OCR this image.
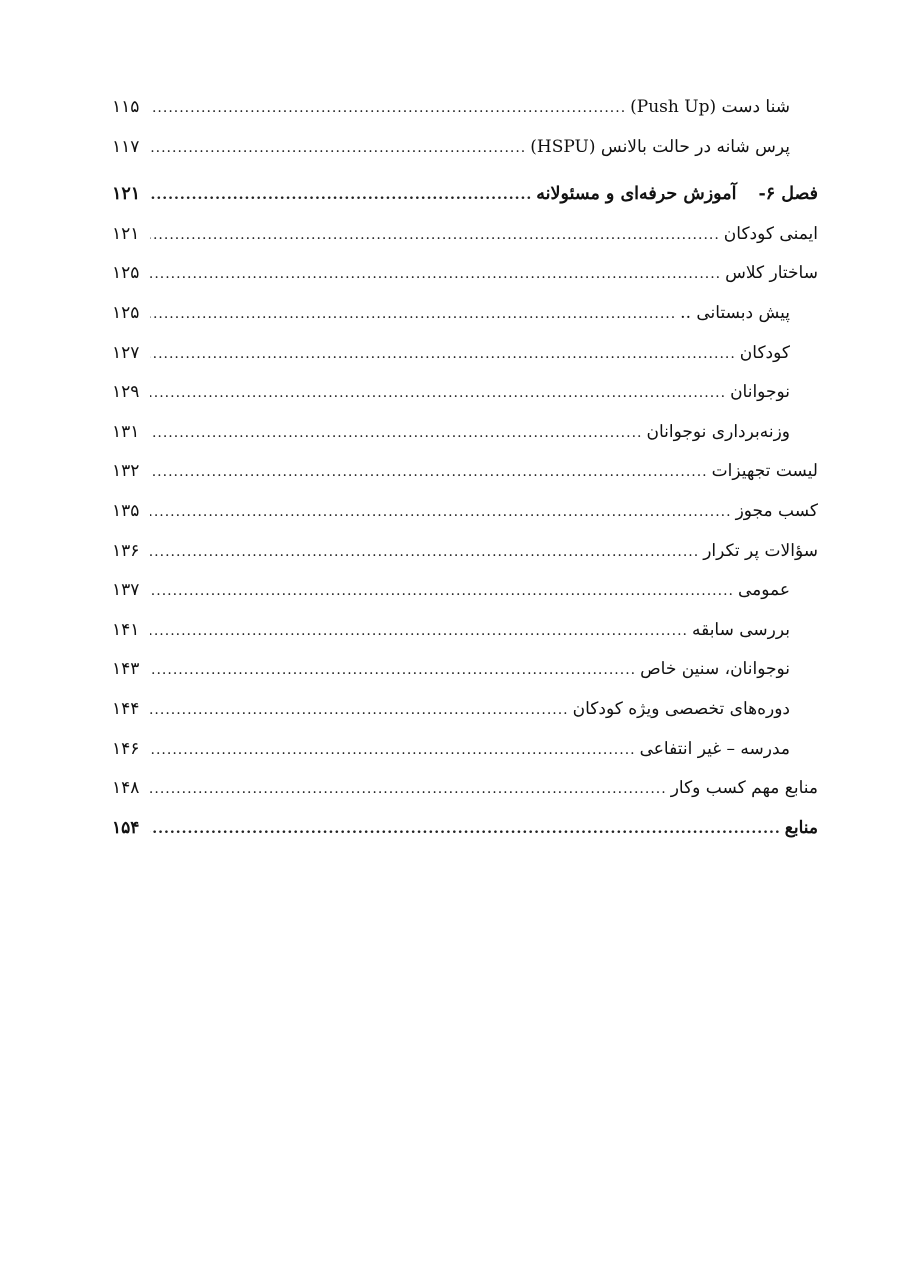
شنا دست (Push Up)
.....
۱۱۵
پرس شانه در حالت بالانس (HSPU)
.....
۱۱۷
فصل ۶-آموزش حرفه‌ای و مسئولانه
.....
۱۲۱
ایمنی کودکان
.....
۱۲۱
ساختار کلاس
.....
۱۲۵
پیش دبستانی ..
.....
۱۲۵
کودکان
.....
۱۲۷
نوجوانان
.....
۱۲۹
وزنه‌برداری نوجوانان
.....
۱۳۱
لیست تجهیزات
.....
۱۳۲
کسب مجوز
.....
۱۳۵
سؤالات پر تکرار
.....
۱۳۶
عمومی
.....
۱۳۷
بررسی سابقه
.....
۱۴۱
نوجوانان، سنین خاص
.....
۱۴۳
دوره‌های تخصصی ویژه کودکان
.....
۱۴۴
مدرسه – غیر انتفاعی
.....
۱۴۶
منابع مهم کسب وکار
.....
۱۴۸
منابع
.....
۱۵۴
